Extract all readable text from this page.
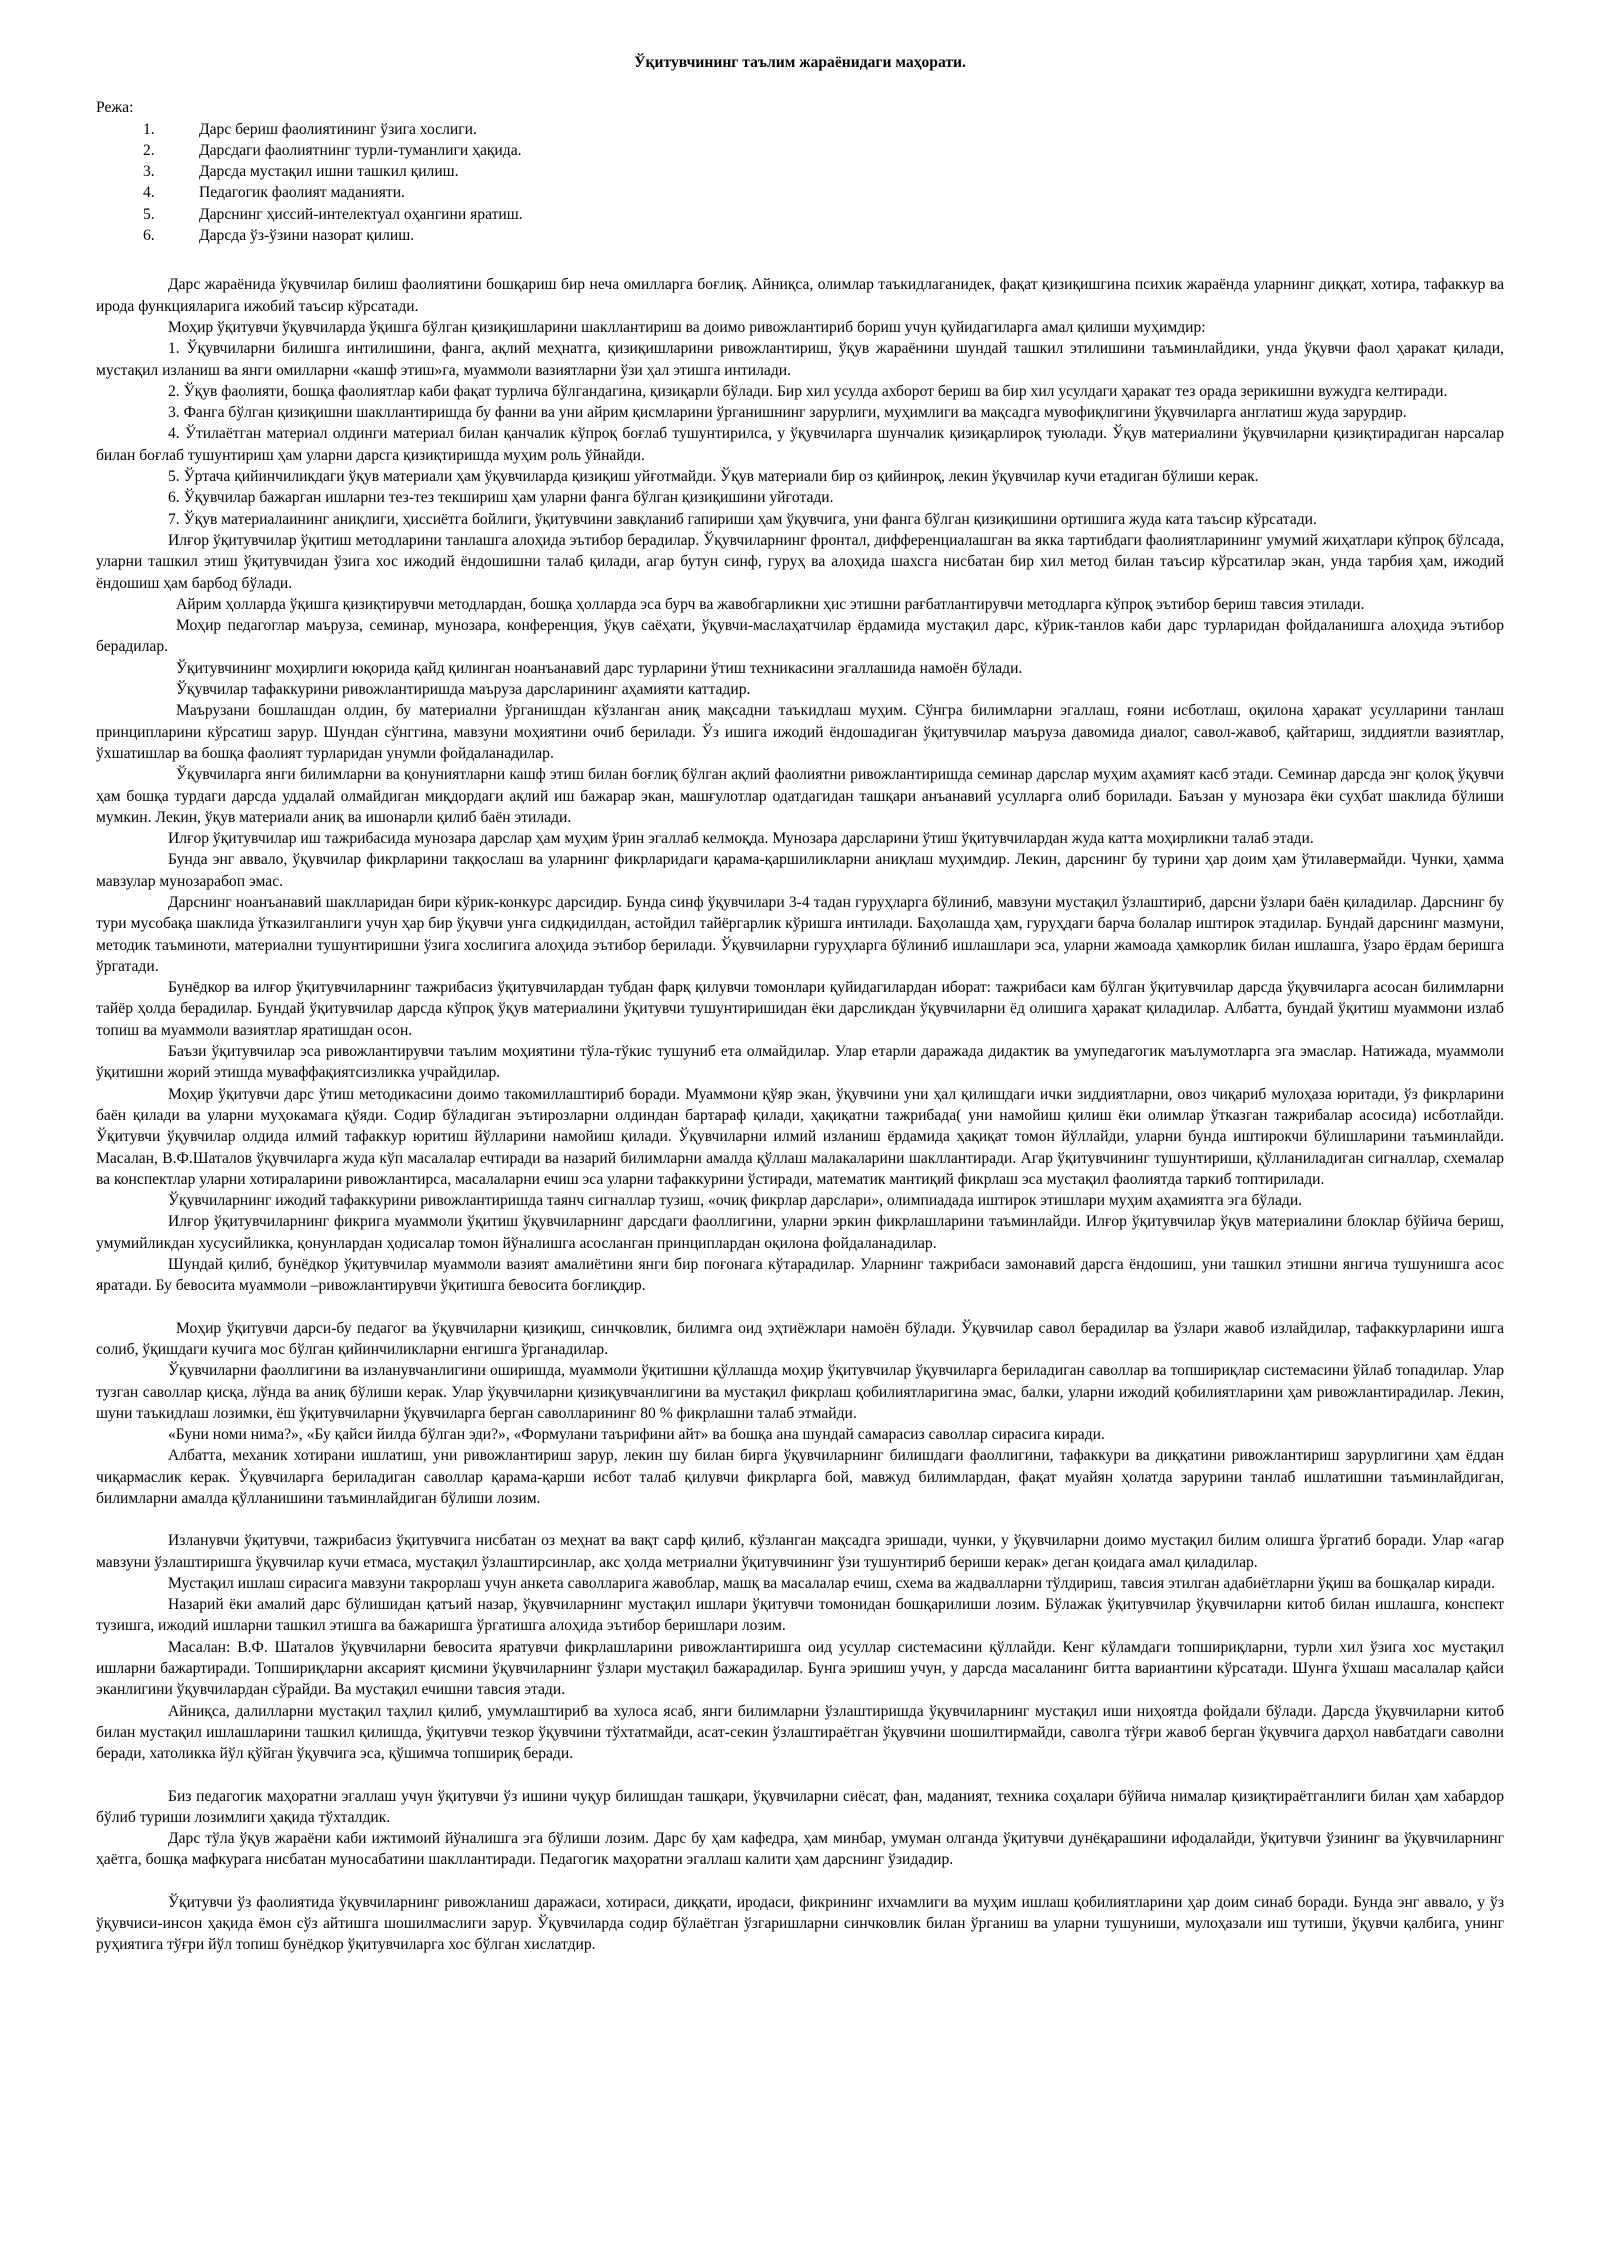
Ўқитувчининг таълим жараёнидаги маҳорати.

Режа:

1.	Дарс бериш фаолиятининг ўзига хослиги.
2.	Дарсдаги фаолиятнинг турли-туманлиги ҳақида.
3.	Дарсда мустақил ишни ташкил қилиш.
4.	Педагогик фаолият маданияти.
5.	Дарснинг ҳиссий-интелектуал оҳангини яратиш.
6.	Дарсда ўз-ўзини назорат қилиш.

Дарс жараёнида ўқувчилар билиш фаолиятини бошқариш бир неча омилларга боғлиқ. Айниқса, олимлар таъкидлаганидек, фақат қизиқишгина психик жараёнда уларнинг диққат, хотира, тафаккур ва ирода функцияларига ижобий таъсир кўрсатади.

Моҳир ўқитувчи ўқувчиларда ўқишга бўлган қизиқишларини шакллантириш ва доимо ривожлантириб бориш учун қуйидагиларга амал қилиши муҳимдир:

1. Ўқувчиларни билишга интилишини, фанга, ақлий меҳнатга, қизиқишларини ривожлантириш, ўқув жараёнини шундай ташкил этилишини таъминлайдики, унда ўқувчи фаол ҳаракат қилади, мустақил изланиш ва янги омилларни «кашф этиш»га, муаммоли вазиятларни ўзи ҳал этишга интилади.

2. Ўқув фаолияти, бошқа фаолиятлар каби фақат турлича бўлгандагина, қизиқарли бўлади. Бир хил усулда ахборот бериш ва бир хил усулдаги ҳаракат тез орада зерикишни вужудга келтиради.

3. Фанга бўлган қизиқишни шакллантиришда бу фанни ва уни айрим қисмларини ўрганишнинг зарурлиги, муҳимлиги ва мақсадга мувофиқлигини ўқувчиларга англатиш жуда зарурдир.

4. Ўтилаётган материал олдинги материал билан қанчалик кўпроқ боғлаб тушунтирилса, у ўқувчиларга шунчалик қизиқарлироқ туюлади. Ўқув материалини ўқувчиларни қизиқтирадиган нарсалар билан боғлаб тушунтириш ҳам уларни дарсга қизиқтиришда муҳим роль ўйнайди.

5. Ўртача қийинчиликдаги ўқув материали ҳам ўқувчиларда қизиқиш уйғотмайди. Ўқув материали бир оз қийинроқ, лекин ўқувчилар кучи етадиган бўлиши керак.

6. Ўқувчилар бажарган ишларни тез-тез текшириш ҳам уларни фанга бўлган қизиқишини уйғотади.

7. Ўқув материалаининг аниқлиги, ҳиссиётга бойлиги, ўқитувчини завқланиб гапириши ҳам ўқувчига, уни фанга бўлган қизиқишини ортишига жуда ката таъсир кўрсатади.

Илғор ўқитувчилар ўқитиш методларини танлашга алоҳида эътибор берадилар. Ўқувчиларнинг фронтал, дифференциалашган ва якка тартибдаги фаолиятларининг умумий жиҳатлари кўпроқ бўлсада, уларни ташкил этиш ўқитувчидан ўзига хос ижодий ёндошишни талаб қилади, агар бутун синф, гуруҳ ва алоҳида шахсга нисбатан бир хил метод билан таъсир кўрсатилар экан, унда тарбия ҳам, ижодий ёндошиш ҳам барбод бўлади.

Айрим ҳолларда ўқишга қизиқтирувчи методлардан, бошқа ҳолларда эса бурч ва жавобгарликни ҳис этишни рағбатлантирувчи методларга кўпроқ эътибор бериш тавсия этилади.

Моҳир педагоглар маъруза, семинар, мунозара, конференция, ўқув саёҳати, ўқувчи-маслаҳатчилар ёрдамида мустақил дарс, кўрик-танлов каби дарс турларидан фойдаланишга алоҳида эътибор берадилар.

Ўқитувчининг моҳирлиги юқорида қайд қилинган ноанъанавий дарс турларини ўтиш техникасини эгаллашида намоён бўлади.

Ўқувчилар тафаккурини ривожлантиришда маъруза дарсларининг аҳамияти каттадир.

Маърузани бошлашдан олдин, бу материални ўрганишдан кўзланган аниқ мақсадни таъкидлаш муҳим. Сўнгра билимларни эгаллаш, ғояни исботлаш, оқилона ҳаракат усулларини танлаш принципларини кўрсатиш зарур. Шундан сўнггина, мавзуни моҳиятини очиб берилади. Ўз ишига ижодий ёндошадиган ўқитувчилар маъруза давомида диалог, савол-жавоб, қайтариш, зиддиятли вазиятлар, ўхшатишлар ва бошқа фаолият турларидан унумли фойдаланадилар.

Ўқувчиларга янги билимларни ва қонуниятларни кашф этиш билан боғлиқ бўлган ақлий фаолиятни ривожлантиришда семинар дарслар муҳим аҳамият касб этади. Семинар дарсда энг қолоқ ўқувчи ҳам бошқа турдаги дарсда уддалай олмайдиган миқдордаги ақлий иш бажарар экан, машғулотлар одатдагидан ташқари анъанавий усулларга олиб борилади. Баъзан у мунозара ёки суҳбат шаклида бўлиши мумкин. Лекин, ўқув материали аниқ ва ишонарли қилиб баён этилади.

Илғор ўқитувчилар иш тажрибасида мунозара дарслар ҳам муҳим ўрин эгаллаб келмоқда. Мунозара дарсларини ўтиш ўқитувчилардан жуда катта моҳирликни талаб этади.

Бунда энг аввало, ўқувчилар фикрларини таққослаш ва уларнинг фикрларидаги қарама-қаршиликларни аниқлаш муҳимдир. Лекин, дарснинг бу турини ҳар доим ҳам ўтилавермайди. Чунки, ҳамма мавзулар мунозарабоп эмас.

Дарснинг ноанъанавий шаклларидан бири кўрик-конкурс дарсидир. Бунда синф ўқувчилари 3-4 тадан гуруҳларга бўлиниб, мавзуни мустақил ўзлаштириб, дарсни ўзлари баён қиладилар. Дарснинг бу тури мусобақа шаклида ўтказилганлиги учун ҳар бир ўқувчи унга сидқидилдан, астойдил тайёргарлик кўришга интилади. Баҳолашда ҳам, гуруҳдаги барча болалар иштирок этадилар. Бундай дарснинг мазмуни, методик таъминоти, материални тушунтиришни ўзига хослигига алоҳида эътибор берилади. Ўқувчиларни гуруҳларга бўлиниб ишлашлари эса, уларни жамоада ҳамкорлик билан ишлашга, ўзаро ёрдам беришга ўргатади.

Бунёдкор ва илғор ўқитувчиларнинг тажрибасиз ўқитувчилардан тубдан фарқ қилувчи томонлари қуйидагилардан иборат: тажрибаси кам бўлган ўқитувчилар дарсда ўқувчиларга асосан билимларни тайёр ҳолда берадилар. Бундай ўқитувчилар дарсда кўпроқ ўқув материалини ўқитувчи тушунтиришидан ёки дарсликдан ўқувчиларни ёд олишига ҳаракат қиладилар. Албатта, бундай ўқитиш муаммони излаб топиш ва муаммоли вазиятлар яратишдан осон.

Баъзи ўқитувчилар эса ривожлантирувчи таълим моҳиятини тўла-тўкис тушуниб ета олмайдилар. Улар етарли даражада дидактик ва умупедагогик маълумотларга эга эмаслар. Натижада, муаммоли ўқитишни жорий этишда муваффақиятсизликка учрайдилар.

Моҳир ўқитувчи дарс ўтиш методикасини доимо такомиллаштириб боради. Муаммони қўяр экан, ўқувчини уни ҳал қилишдаги ички зиддиятларни, овоз чиқариб мулоҳаза юритади, ўз фикрларини баён қилади ва уларни муҳокамага қўяди. Содир бўладиган эътирозларни олдиндан бартараф қилади, ҳақиқатни тажрибада( уни намойиш қилиш ёки олимлар ўтказган тажрибалар асосида) исботлайди. Ўқитувчи ўқувчилар олдида илмий тафаккур юритиш йўлларини намойиш қилади. Ўқувчиларни илмий изланиш ёрдамида ҳақиқат томон йўллайди, уларни бунда иштирокчи бўлишларини таъминлайди. Масалан, В.Ф.Шаталов ўқувчиларга жуда кўп масалалар ечтиради ва назарий билимларни амалда қўллаш малакаларини шакллантиради. Агар ўқитувчининг тушунтириши, қўлланиладиган сигналлар, схемалар ва конспектлар уларни хотираларини ривожлантирса, масалаларни ечиш эса уларни тафаккурини ўстиради, математик мантиқий фикрлаш эса мустақил фаолиятда таркиб топтирилади.

Ўқувчиларнинг ижодий тафаккурини ривожлантиришда таянч сигналлар тузиш, «очиқ фикрлар дарслари», олимпиадада иштирок этишлари муҳим аҳамиятга эга бўлади.

Илғор ўқитувчиларнинг фикрига муаммоли ўқитиш ўқувчиларнинг дарсдаги фаоллигини, уларни эркин фикрлашларини таъминлайди. Илғор ўқитувчилар ўқув материалини блоклар бўйича бериш, умумийликдан хусусийликка, қонунлардан ҳодисалар томон йўналишга асосланган принциплардан оқилона фойдаланадилар.

Шундай қилиб, бунёдкор ўқитувчилар муаммоли вазият амалиётини янги бир поғонага кўтарадилар. Уларнинг тажрибаси замонавий дарсга ёндошиш, уни ташкил этишни янгича тушунишга асос яратади. Бу бевосита муаммоли –ривожлантирувчи ўқитишга бевосита боғлиқдир.

Моҳир ўқитувчи дарси-бу педагог ва ўқувчиларни қизиқиш, синчковлик, билимга оид эҳтиёжлари намоён бўлади. Ўқувчилар савол берадилар ва ўзлари жавоб излайдилар, тафаккурларини ишга солиб, ўқишдаги кучига мос бўлган қийинчиликларни енгишга ўрганадилар.

Ўқувчиларни фаоллигини ва изланувчанлигини оширишда, муаммоли ўқитишни қўллашда моҳир ўқитувчилар ўқувчиларга бериладиган саволлар ва топшириқлар системасини ўйлаб топадилар. Улар тузган саволлар қисқа, лўнда ва аниқ бўлиши керак. Улар ўқувчиларни қизиқувчанлигини ва мустақил фикрлаш қобилиятларигина эмас, балки, уларни ижодий қобилиятларини ҳам ривожлантирадилар. Лекин, шуни таъкидлаш лозимки, ёш ўқитувчиларни ўқувчиларга берган саволларининг 80 % фикрлашни талаб этмайди.

«Буни номи нима?», «Бу қайси йилда бўлган эди?», «Формулани таърифини айт» ва бошқа ана шундай самарасиз саволлар сирасига киради.

Албатта, механик хотирани ишлатиш, уни ривожлантириш зарур, лекин шу билан бирга ўқувчиларнинг билишдаги фаоллигини, тафаккури ва диққатини ривожлантириш зарурлигини ҳам ёддан чиқармаслик керак. Ўқувчиларга бериладиган саволлар қарама-қарши исбот талаб қилувчи фикрларга бой, мавжуд билимлардан, фақат муайян ҳолатда зарурини танлаб ишлатишни таъминлайдиган, билимларни амалда қўлланишини таъминлайдиган бўлиши лозим.

Изланувчи ўқитувчи, тажрибасиз ўқитувчига нисбатан оз меҳнат ва вақт сарф қилиб, кўзланган мақсадга эришади, чунки, у ўқувчиларни доимо мустақил билим олишга ўргатиб боради. Улар «агар мавзуни ўзлаштиришга ўқувчилар кучи етмаса, мустақил ўзлаштирсинлар, акс ҳолда метриални ўқитувчининг ўзи тушунтириб бериши керак» деган қоидага амал қиладилар.

Мустақил ишлаш сирасига мавзуни такрорлаш учун анкета саволларига жавоблар, машқ ва масалалар ечиш, схема ва жадвалларни тўлдириш, тавсия этилган адабиётларни ўқиш ва бошқалар киради.

Назарий ёки амалий дарс бўлишидан қатъий назар, ўқувчиларнинг мустақил ишлари ўқитувчи томонидан бошқарилиши лозим. Бўлажак ўқитувчилар ўқувчиларни китоб билан ишлашга, конспект тузишга, ижодий ишларни ташкил этишга ва бажаришга ўргатишга алоҳида эътибор беришлари лозим.

Масалан: В.Ф. Шаталов ўқувчиларни бевосита яратувчи фикрлашларини ривожлантиришга оид усуллар системасини қўллайди. Кенг кўламдаги топшириқларни, турли хил ўзига хос мустақил ишларни бажартиради. Топшириқларни аксарият қисмини ўқувчиларнинг ўзлари мустақил бажарадилар. Бунга эришиш учун, у дарсда масаланинг битта вариантини кўрсатади. Шунга ўхшаш масалалар қайси эканлигини ўқувчилардан сўрайди. Ва мустақил ечишни тавсия этади.

Айниқса, далилларни мустақил таҳлил қилиб, умумлаштириб ва хулоса ясаб, янги билимларни ўзлаштиришда ўқувчиларнинг мустақил иши ниҳоятда фойдали бўлади. Дарсда ўқувчиларни китоб билан мустақил ишлашларини ташкил қилишда, ўқитувчи тезкор ўқувчини тўхтатмайди, асат-секин ўзлаштираётган ўқувчини шошилтирмайди, саволга тўғри жавоб берган ўқувчига дарҳол навбатдаги саволни беради, хатоликка йўл қўйган ўқувчига эса, қўшимча топшириқ беради.

Биз педагогик маҳоратни эгаллаш учун ўқитувчи ўз ишини чуқур билишдан ташқари, ўқувчиларни сиёсат, фан, маданият, техника соҳалари бўйича нималар қизиқтираётганлиги билан ҳам хабардор бўлиб туриши лозимлиги ҳақида тўхталдик.

Дарс тўла ўқув жараёни каби ижтимоий йўналишга эга бўлиши лозим. Дарс бу ҳам кафедра, ҳам минбар, умуман олганда ўқитувчи дунёқарашини ифодалайди, ўқитувчи ўзининг ва ўқувчиларнинг ҳаётга, бошқа мафкурага нисбатан муносабатини шакллантиради. Педагогик маҳоратни эгаллаш калити ҳам дарснинг ўзидадир.

Ўқитувчи ўз фаолиятида ўқувчиларнинг ривожланиш даражаси, хотираси, диққати, иродаси, фикрининг ихчамлиги ва муҳим ишлаш қобилиятларини ҳар доим синаб боради. Бунда энг аввало, у ўз ўқувчиси-инсон ҳақида ёмон сўз айтишга шошилмаслиги зарур. Ўқувчиларда содир бўлаётган ўзгаришларни синчковлик билан ўрганиш ва уларни тушуниши, мулоҳазали иш тутиши, ўқувчи қалбига, унинг руҳиятига тўғри йўл топиш бунёдкор ўқитувчиларга хос бўлган хислатдир.
